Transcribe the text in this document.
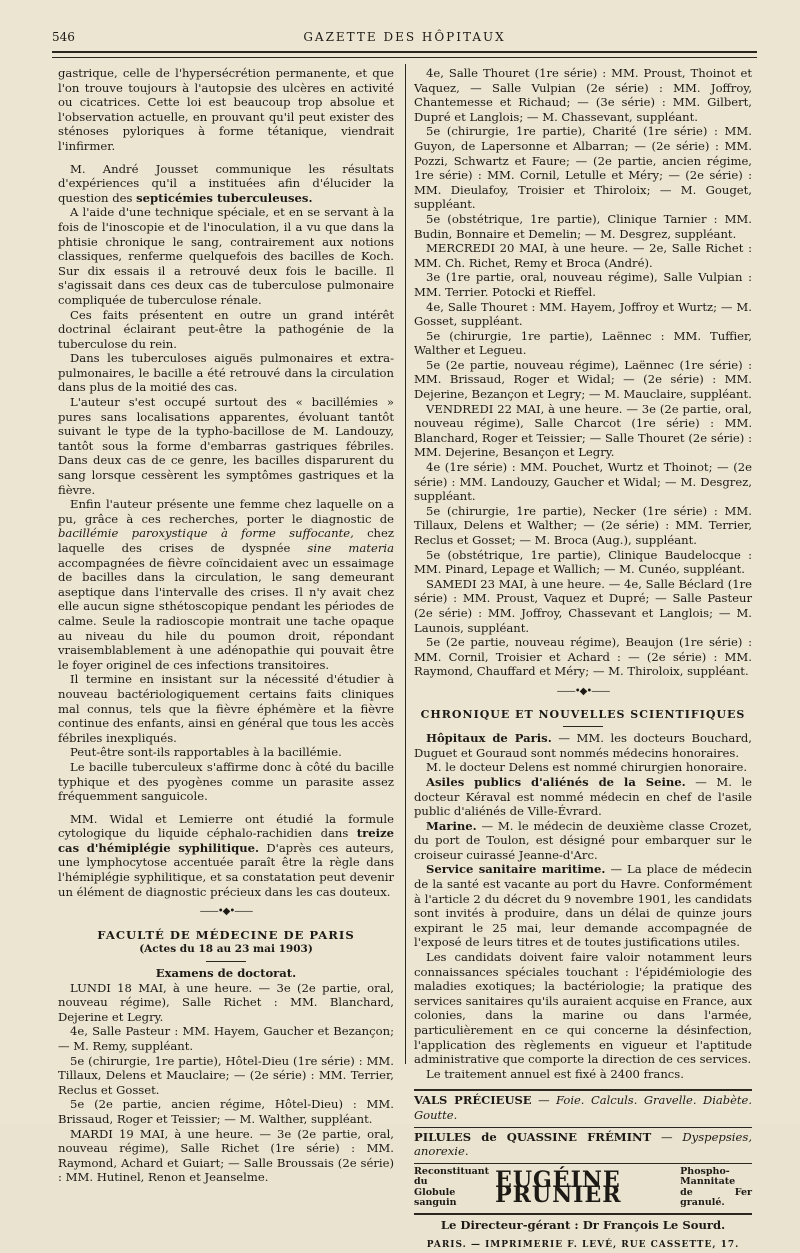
546	GAZETTE DES HÔPITAUX

gastrique, celle de l'hypersécrétion permanente, et que l'on trouve toujours à l'autopsie des ulcères en activité ou cicatrices. Cette loi est beaucoup trop absolue et l'observation actuelle, en prouvant qu'il peut exister des sténoses pyloriques à forme tétanique, viendrait l'infirmer.

M. André Jousset communique les résultats d'expériences qu'il a instituées afin d'élucider la question des septicémies tuberculeuses.

A l'aide d'une technique spéciale, et en se servant à la fois de l'inoscopie et de l'inoculation, il a vu que dans la phtisie chronique le sang, contrairement aux notions classiques, renferme quelquefois des bacilles de Koch. Sur dix essais il a retrouvé deux fois le bacille. Il s'agissait dans ces deux cas de tuberculose pulmonaire compliquée de tuberculose rénale.

Ces faits présentent en outre un grand intérêt doctrinal éclairant peut-être la pathogénie de la tuberculose du rein.

Dans les tuberculoses aiguës pulmonaires et extra-pulmonaires, le bacille a été retrouvé dans la circulation dans plus de la moitié des cas.

L'auteur s'est occupé surtout des « bacillémies » pures sans localisations apparentes, évoluant tantôt suivant le type de la typho-bacillose de M. Landouzy, tantôt sous la forme d'embarras gastriques fébriles. Dans deux cas de ce genre, les bacilles disparurent du sang lorsque cessèrent les symptômes gastriques et la fièvre.

Enfin l'auteur présente une femme chez laquelle on a pu, grâce à ces recherches, porter le diagnostic de bacillémie paroxystique à forme suffocante, chez laquelle des crises de dyspnée sine materia accompagnées de fièvre coïncidaient avec un essaimage de bacilles dans la circulation, le sang demeurant aseptique dans l'intervalle des crises. Il n'y avait chez elle aucun signe sthétoscopique pendant les périodes de calme. Seule la radioscopie montrait une tache opaque au niveau du hile du poumon droit, répondant vraisemblablement à une adénopathie qui pouvait être le foyer originel de ces infections transitoires.

Il termine en insistant sur la nécessité d'étudier à nouveau bactériologiquement certains faits cliniques mal connus, tels que la fièvre éphémère et la fièvre continue des enfants, ainsi en général que tous les accès fébriles inexpliqués.

Peut-être sont-ils rapportables à la bacillémie.

Le bacille tuberculeux s'affirme donc à côté du bacille typhique et des pyogènes comme un parasite assez fréquemment sanguicole.

MM. Widal et Lemierre ont étudié la formule cytologique du liquide céphalo-rachidien dans treize cas d'hémiplégie syphilitique. D'après ces auteurs, une lymphocytose accentuée paraît être la règle dans l'hémiplégie syphilitique, et sa constatation peut devenir un élément de diagnostic précieux dans les cas douteux.

——•◆•——
FACULTÉ DE MÉDECINE DE PARIS
(Actes du 18 au 23 mai 1903)
Examens de doctorat.

LUNDI 18 MAI, à une heure. — 3e (2e partie, oral, nouveau régime), Salle Richet : MM. Blanchard, Dejerine et Legry.

4e, Salle Pasteur : MM. Hayem, Gaucher et Bezançon; — M. Remy, suppléant.

5e (chirurgie, 1re partie), Hôtel-Dieu (1re série) : MM. Tillaux, Delens et Mauclaire; — (2e série) : MM. Terrier, Reclus et Gosset.

5e (2e partie, ancien régime, Hôtel-Dieu) : MM. Brissaud, Roger et Teissier; — M. Walther, suppléant.

MARDI 19 MAI, à une heure. — 3e (2e partie, oral, nouveau régime), Salle Richet (1re série) : MM. Raymond, Achard et Guiart; — Salle Broussais (2e série) : MM. Hutinel, Renon et Jeanselme.

4e, Salle Thouret (1re série) : MM. Proust, Thoinot et Vaquez, — Salle Vulpian (2e série) : MM. Joffroy, Chantemesse et Richaud; — (3e série) : MM. Gilbert, Dupré et Langlois; — M. Chassevant, suppléant.

5e (chirurgie, 1re partie), Charité (1re série) : MM. Guyon, de Lapersonne et Albarran; — (2e série) : MM. Pozzi, Schwartz et Faure; — (2e partie, ancien régime, 1re série) : MM. Cornil, Letulle et Méry; — (2e série) : MM. Dieulafoy, Troisier et Thiroloix; — M. Gouget, suppléant.

5e (obstétrique, 1re partie), Clinique Tarnier : MM. Budin, Bonnaire et Demelin; — M. Desgrez, suppléant.

MERCREDI 20 MAI, à une heure. — 2e, Salle Richet : MM. Ch. Richet, Remy et Broca (André).

3e (1re partie, oral, nouveau régime), Salle Vulpian : MM. Terrier. Potocki et Rieffel.

4e, Salle Thouret : MM. Hayem, Joffroy et Wurtz; — M. Gosset, suppléant.

5e (chirurgie, 1re partie), Laënnec : MM. Tuffier, Walther et Legueu.

5e (2e partie, nouveau régime), Laënnec (1re série) : MM. Brissaud, Roger et Widal; — (2e série) : MM. Dejerine, Bezançon et Legry; — M. Mauclaire, suppléant.

VENDREDI 22 MAI, à une heure. — 3e (2e partie, oral, nouveau régime), Salle Charcot (1re série) : MM. Blanchard, Roger et Teissier; — Salle Thouret (2e série) : MM. Dejerine, Besançon et Legry.

4e (1re série) : MM. Pouchet, Wurtz et Thoinot; — (2e série) : MM. Landouzy, Gaucher et Widal; — M. Desgrez, suppléant.

5e (chirurgie, 1re partie), Necker (1re série) : MM. Tillaux, Delens et Walther; — (2e série) : MM. Terrier, Reclus et Gosset; — M. Broca (Aug.), suppléant.

5e (obstétrique, 1re partie), Clinique Baudelocque : MM. Pinard, Lepage et Wallich; — M. Cunéo, suppléant.

SAMEDI 23 MAI, à une heure. — 4e, Salle Béclard (1re série) : MM. Proust, Vaquez et Dupré; — Salle Pasteur (2e série) : MM. Joffroy, Chassevant et Langlois; — M. Launois, suppléant.

5e (2e partie, nouveau régime), Beaujon (1re série) : MM. Cornil, Troisier et Achard : — (2e série) : MM. Raymond, Chauffard et Méry; — M. Thiroloix, suppléant.

——•◆•——
CHRONIQUE ET NOUVELLES SCIENTIFIQUES

Hôpitaux de Paris. — MM. les docteurs Bouchard, Duguet et Gouraud sont nommés médecins honoraires.

M. le docteur Delens est nommé chirurgien honoraire.

Asiles publics d'aliénés de la Seine. — M. le docteur Kéraval est nommé médecin en chef de l'asile public d'aliénés de Ville-Évrard.

Marine. — M. le médecin de deuxième classe Crozet, du port de Toulon, est désigné pour embarquer sur le croiseur cuirassé Jeanne-d'Arc.

Service sanitaire maritime. — La place de médecin de la santé est vacante au port du Havre. Conformément à l'article 2 du décret du 9 novembre 1901, les candidats sont invités à produire, dans un délai de quinze jours expirant le 25 mai, leur demande accompagnée de l'exposé de leurs titres et de toutes justifications utiles.

Les candidats doivent faire valoir notamment leurs connaissances spéciales touchant : l'épidémiologie des maladies exotiques; la bactériologie; la pratique des services sanitaires qu'ils auraient acquise en France, aux colonies, dans la marine ou dans l'armée, particulièrement en ce qui concerne la désinfection, l'application des règlements en vigueur et l'aptitude administrative que comporte la direction de ces services.

Le traitement annuel est fixé à 2400 francs.

VALS PRÉCIEUSE — Foie. Calculs. Gravelle. Diabète. Goutte.
PILULES de QUASSINE FRÉMINT — Dyspepsies, anorexie.
Reconstituant du
Globule sanguin
EUGÉINE PRUNIER
Phospho-Mannitate
de Fer granulé.
Le Directeur-gérant : Dr François Le Sourd.
PARIS. — IMPRIMERIE F. LEVÉ, RUE CASSETTE, 17.
